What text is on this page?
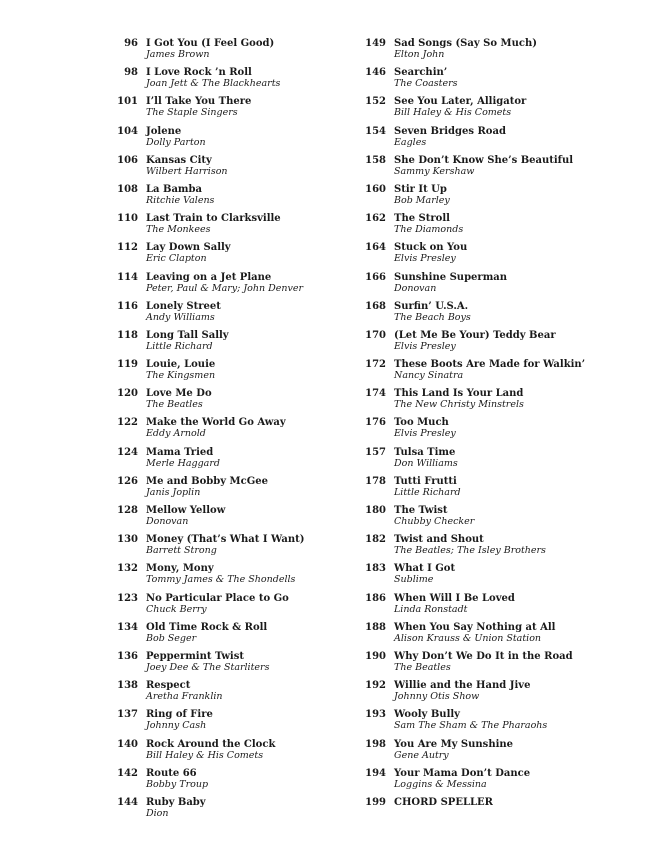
96 I Got You (I Feel Good)
James Brown
98 I Love Rock ’n Roll
Joan Jett & The Blackhearts
101 I’ll Take You There
The Staple Singers
104 Jolene
Dolly Parton
106 Kansas City
Wilbert Harrison
108 La Bamba
Ritchie Valens
110 Last Train to Clarksville
The Monkees
112 Lay Down Sally
Eric Clapton
114 Leaving on a Jet Plane
Peter, Paul & Mary; John Denver
116 Lonely Street
Andy Williams
118 Long Tall Sally
Little Richard
119 Louie, Louie
The Kingsmen
120 Love Me Do
The Beatles
122 Make the World Go Away
Eddy Arnold
124 Mama Tried
Merle Haggard
126 Me and Bobby McGee
Janis Joplin
128 Mellow Yellow
Donovan
130 Money (That’s What I Want)
Barrett Strong
132 Mony, Mony
Tommy James & The Shondells
123 No Particular Place to Go
Chuck Berry
134 Old Time Rock & Roll
Bob Seger
136 Peppermint Twist
Joey Dee & The Starliters
138 Respect
Aretha Franklin
137 Ring of Fire
Johnny Cash
140 Rock Around the Clock
Bill Haley & His Comets
142 Route 66
Bobby Troup
144 Ruby Baby
Dion
149 Sad Songs (Say So Much)
Elton John
146 Searchin’
The Coasters
152 See You Later, Alligator
Bill Haley & His Comets
154 Seven Bridges Road
Eagles
158 She Don’t Know She’s Beautiful
Sammy Kershaw
160 Stir It Up
Bob Marley
162 The Stroll
The Diamonds
164 Stuck on You
Elvis Presley
166 Sunshine Superman
Donovan
168 Surfin’ U.S.A.
The Beach Boys
170 (Let Me Be Your) Teddy Bear
Elvis Presley
172 These Boots Are Made for Walkin’
Nancy Sinatra
174 This Land Is Your Land
The New Christy Minstrels
176 Too Much
Elvis Presley
157 Tulsa Time
Don Williams
178 Tutti Frutti
Little Richard
180 The Twist
Chubby Checker
182 Twist and Shout
The Beatles; The Isley Brothers
183 What I Got
Sublime
186 When Will I Be Loved
Linda Ronstadt
188 When You Say Nothing at All
Alison Krauss & Union Station
190 Why Don’t We Do It in the Road
The Beatles
192 Willie and the Hand Jive
Johnny Otis Show
193 Wooly Bully
Sam The Sham & The Pharaohs
198 You Are My Sunshine
Gene Autry
194 Your Mama Don’t Dance
Loggins & Messina
199 CHORD SPELLER
